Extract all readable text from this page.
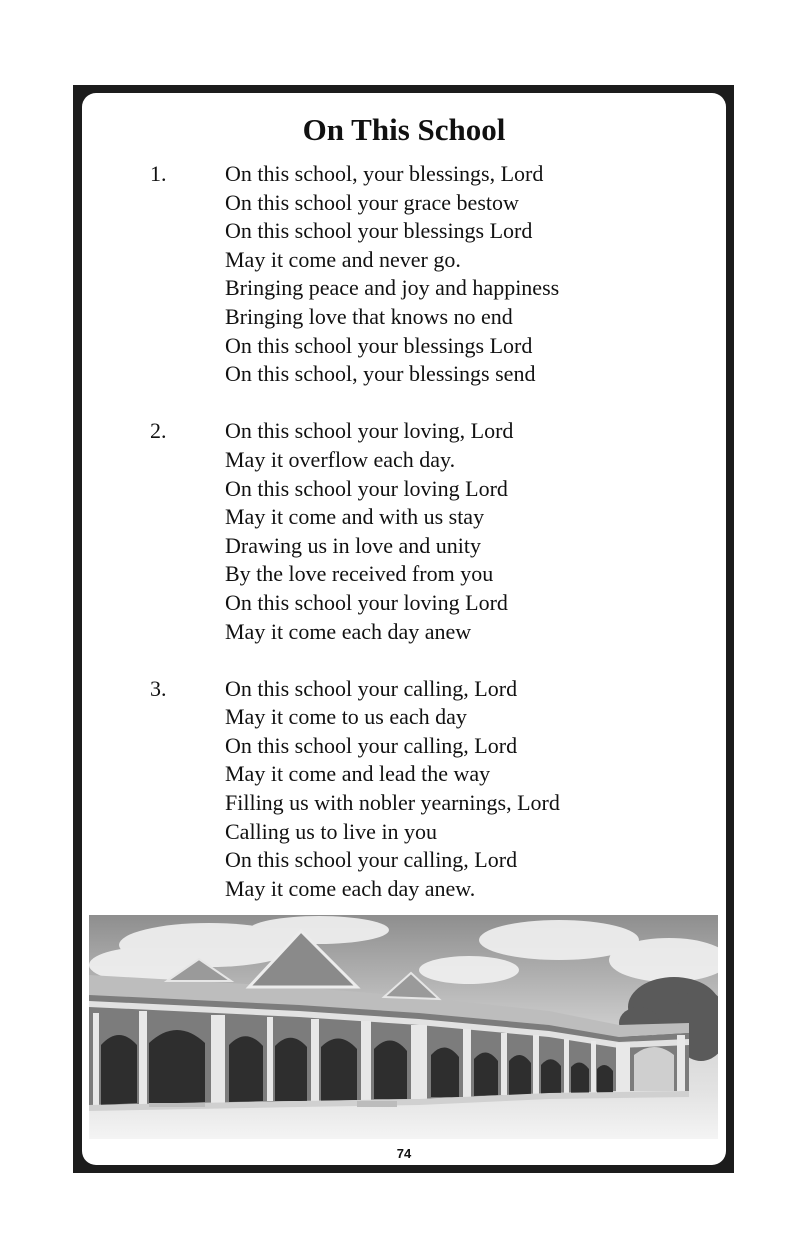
On This School
1.	On this school, your blessings, Lord
On this school your grace bestow
On this school your blessings Lord
May it come and never go.
Bringing peace and joy and happiness
Bringing love that knows no end
On this school your blessings Lord
On this school, your blessings send
2.	On this school your loving, Lord
May it overflow each day.
On this school your loving Lord
May it come and with us stay
Drawing us in love and unity
By the love received from you
On this school your loving Lord
May it come each day anew
3.	On this school your calling, Lord
May it come to us each day
On this school your calling, Lord
May it come and lead the way
Filling us with nobler yearnings, Lord
Calling us to live in you
On this school your calling, Lord
May it come each day anew.
74
